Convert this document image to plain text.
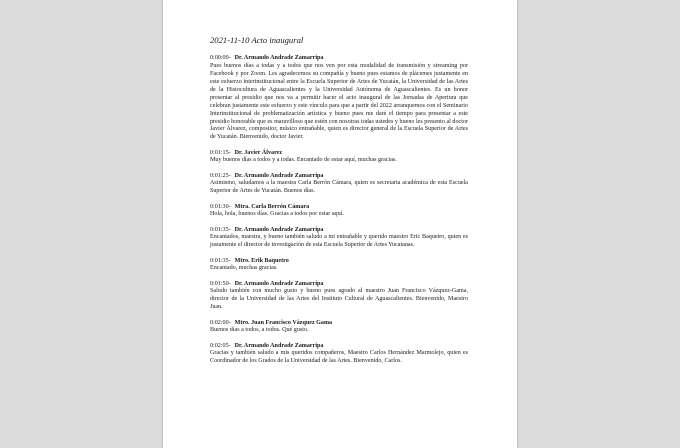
2021-11-10 Acto inaugural
0:00:00- Dr. Armando Andrade Zamarripa

Pues buenos días a todas y a todos que nos ven por esta modalidad de transmisión y streaming por Facebook y por Zoom. Les agradecemos su compañía y bueno pues estamos de plácemes justamente en este esfuerzo interinstitucional entre la Escuela Superior de Artes de Yucatán, la Universidad de las Artes de la Histocultura de Aguascalientes y la Universidad Autónoma de Aguascalientes. Es un honor presentar al presidio que nos va a permitir hacer el acto inaugural de las Jornadas de Apertura que celebran justamente este esfuerzo y este vínculo para que a partir del 2022 arranquemos con el Seminario Interinstitucional de problematización artística y bueno pues me daré el tiempo para presentar a este presidio honorable que es maravilloso que estén con nosotras todas ustedes y bueno les presento al doctor Javier Álvarez, compositor, músico entrañable, quien es director general de la Escuela Superior de Artes de Yucatán. Bienvenido, doctor Javier.

0:01:15- Dr. Javier Álvarez

Muy buenos días a todos y a todas. Encantado de estar aquí, muchas gracias.

0:01:25- Dr. Armando Andrade Zamarripa

Asimismo, saludamos a la maestra Carla Berrón Cámara, quien es secretaria académica de esta Escuela Superior de Artes de Yucatán. Buenos días.

0:01:30- Mtra. Carla Berrón Cámara

Hola, hola, buenos días. Gracias a todos por estar aquí.

0:01:35- Dr. Armando Andrade Zamarripa

Encantados, maestra, y bueno también saludo a mi entrañable y querido maestro Eric Baquetro, quien es justamente el director de investigación de esta Escuela Superior de Artes Yucatanas.

0:01:35- Mtro. Erik Baquetro

Encantado, muchas gracias.

0:01:50- Dr. Armando Andrade Zamarripa

Saludo también con mucho gusto y bueno pues agrado al maestro Juan Francisco Vázquez-Gama, director de la Universidad de las Artes del Instituto Cultural de Aguascalientes. Bienvenido, Maestro Juan.

0:02:00- Mtro. Juan Francisco Vázquez Gama

Buenos días a todos, a todos. Qué gusto.

0:02:05- Dr. Armando Andrade Zamarripa

Gracias y también saludo a mis queridos compañeros, Maestro Carlos Hernández Marmolejo, quien es Coordinador de los Grados de la Universidad de las Artes. Bienvenido, Carlos.
